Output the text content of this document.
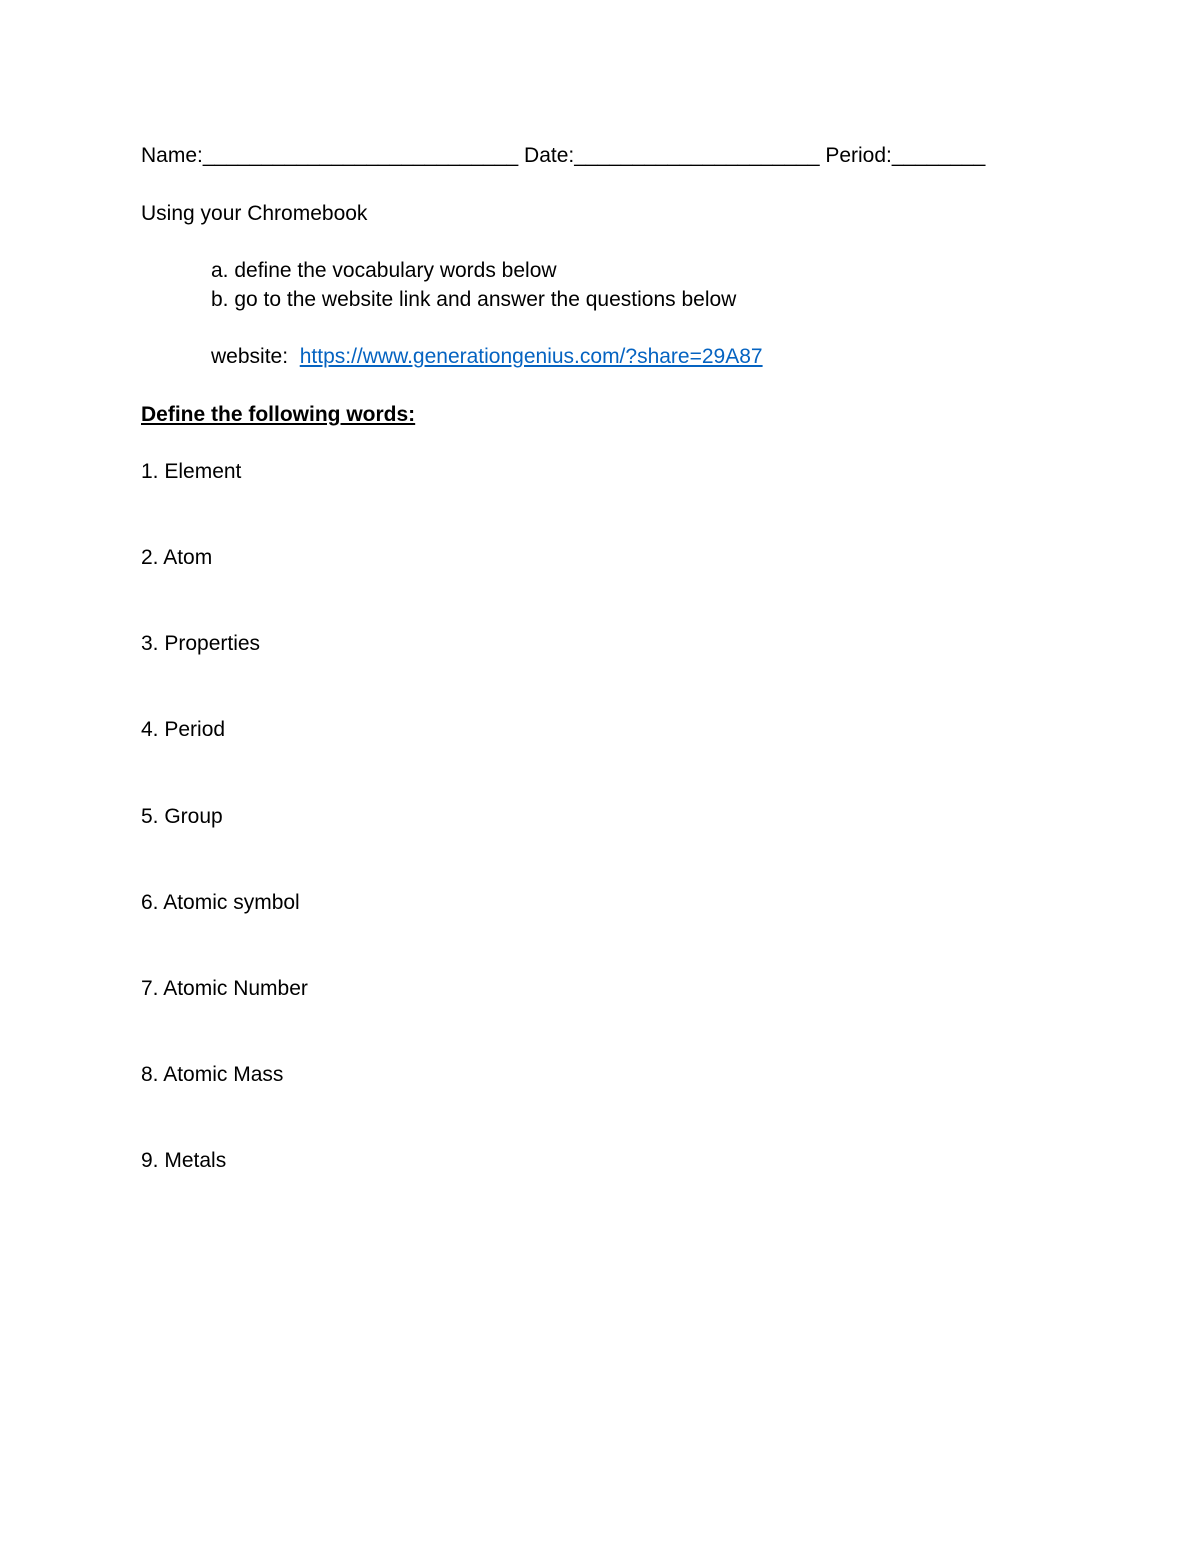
Name:___________________________ Date:_____________________ Period:________
Using your Chromebook
a. define the vocabulary words below
b. go to the website link and answer the questions below
website: https://www.generationgenius.com/?share=29A87
Define the following words:
1. Element
2. Atom
3. Properties
4. Period
5. Group
6. Atomic symbol
7. Atomic Number
8. Atomic Mass
9. Metals
